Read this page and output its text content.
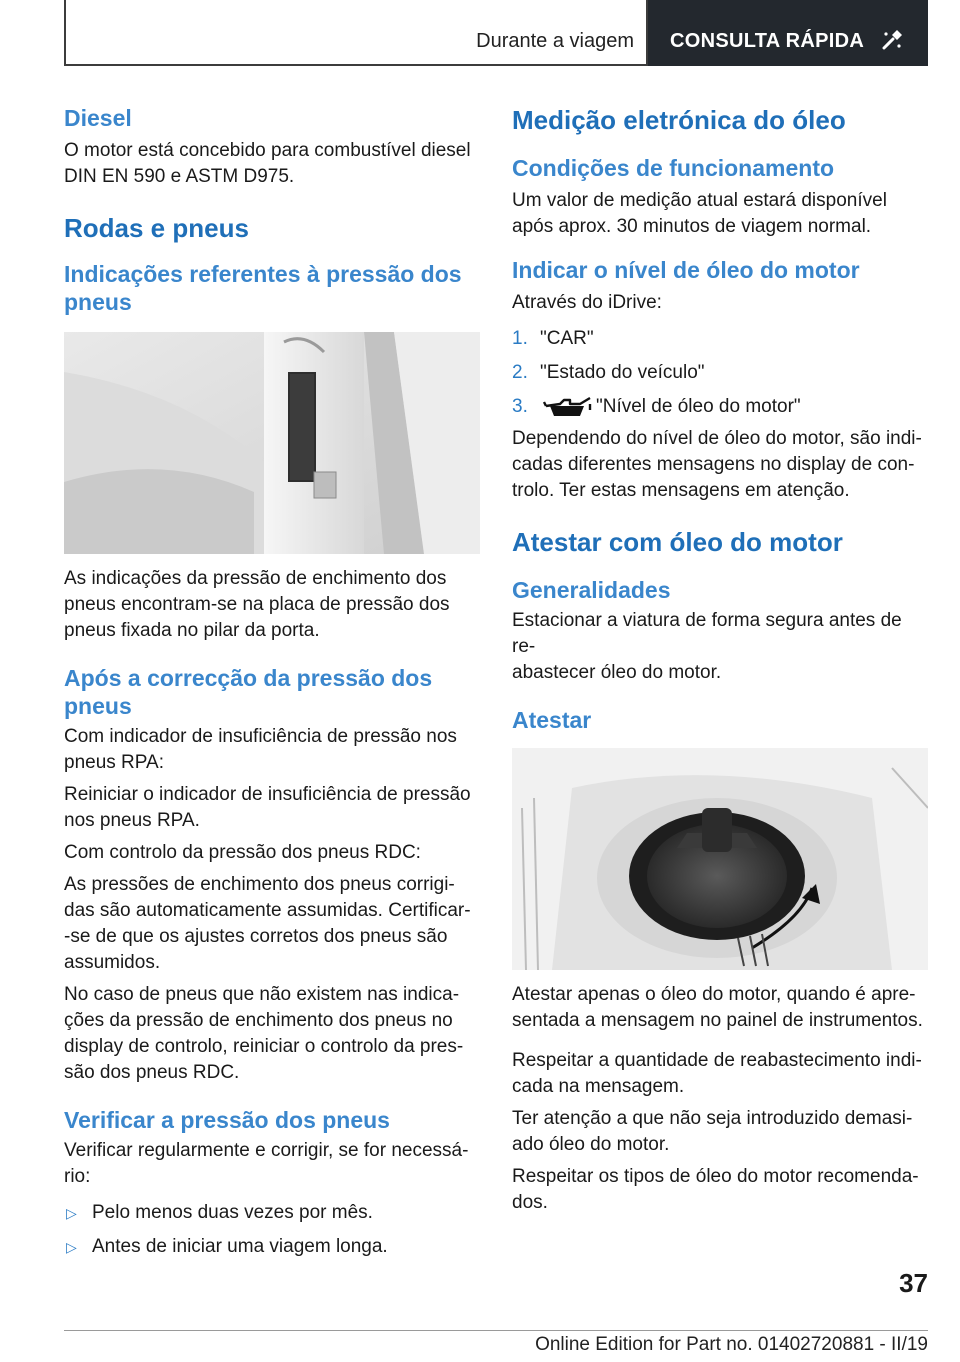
Durante a viagem CONSULTA RÁPIDA
Diesel
O motor está concebido para combustível diesel
DIN EN 590 e ASTM D975.
Rodas e pneus
Indicações referentes à pressão dos
pneus
As indicações da pressão de enchimento dos
pneus encontram-se na placa de pressão dos
pneus fixada no pilar da porta.
Após a correcção da pressão dos
pneus
Com indicador de insuficiência de pressão nos
pneus RPA:
Reiniciar o indicador de insuficiência de pressão
nos pneus RPA.
Com controlo da pressão dos pneus RDC:
As pressões de enchimento dos pneus corrigi-
das são automaticamente assumidas. Certificar-
-se de que os ajustes corretos dos pneus são
assumidos.
No caso de pneus que não existem nas indica-
ções da pressão de enchimento dos pneus no
display de controlo, reiniciar o controlo da pres-
são dos pneus RDC.
Verificar a pressão dos pneus
Verificar regularmente e corrigir, se for necessá-
rio:
▷ Pelo menos duas vezes por mês.
▷ Antes de iniciar uma viagem longa.
Medição eletrónica do óleo
Condições de funcionamento
Um valor de medição atual estará disponível
após aprox. 30 minutos de viagem normal.
Indicar o nível de óleo do motor
Através do iDrive:
1. "CAR"
2. "Estado do veículo"
3.	"Nível de óleo do motor"
Dependendo do nível de óleo do motor, são indi-
cadas diferentes mensagens no display de con-
trolo. Ter estas mensagens em atenção.
Atestar com óleo do motor
Generalidades
Estacionar a viatura de forma segura antes de re-
abastecer óleo do motor.
Atestar
Atestar apenas o óleo do motor, quando é apre-
sentada a mensagem no painel de instrumentos.
Respeitar a quantidade de reabastecimento indi-
cada na mensagem.
Ter atenção a que não seja introduzido demasi-
ado óleo do motor.
Respeitar os tipos de óleo do motor recomenda-
dos.
37
Online Edition for Part no. 01402720881 - II/19
